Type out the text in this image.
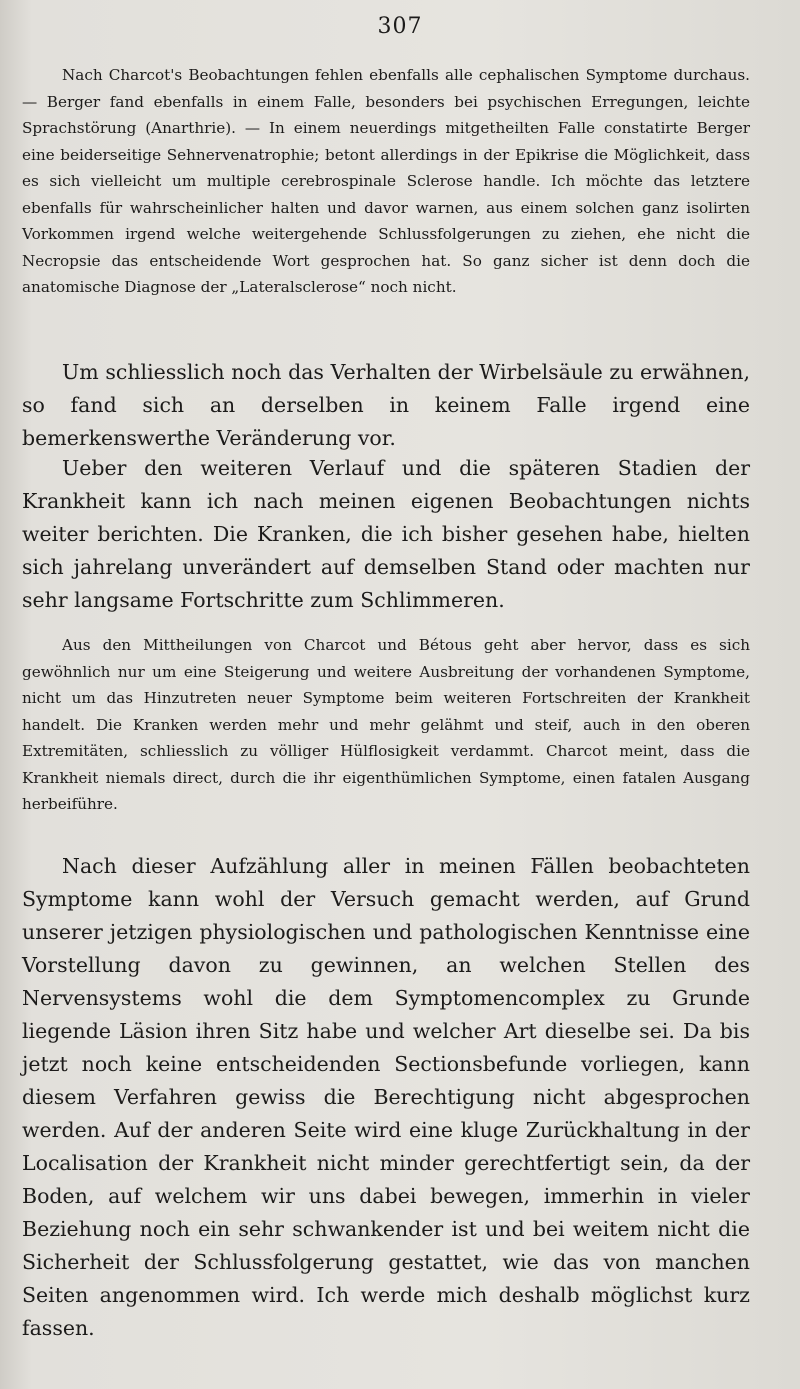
307

Nach Charcot's Beobachtungen fehlen ebenfalls alle cephalischen Symptome durchaus. — Berger fand ebenfalls in einem Falle, besonders bei psychischen Erregungen, leichte Sprachstörung (Anarthrie). — In einem neuerdings mitgetheilten Falle constatirte Berger eine beiderseitige Sehnervenatrophie; betont allerdings in der Epikrise die Möglichkeit, dass es sich vielleicht um multiple cerebrospinale Sclerose handle. Ich möchte das letztere ebenfalls für wahrscheinlicher halten und davor warnen, aus einem solchen ganz isolirten Vorkommen irgend welche weitergehende Schlussfolgerungen zu ziehen, ehe nicht die Necropsie das entscheidende Wort gesprochen hat. So ganz sicher ist denn doch die anatomische Diagnose der „Lateralsclerose“ noch nicht.

Um schliesslich noch das Verhalten der Wirbelsäule zu erwähnen, so fand sich an derselben in keinem Falle irgend eine bemerkenswerthe Veränderung vor.

Ueber den weiteren Verlauf und die späteren Stadien der Krankheit kann ich nach meinen eigenen Beobachtungen nichts weiter berichten. Die Kranken, die ich bisher gesehen habe, hielten sich jahrelang unverändert auf demselben Stand oder machten nur sehr langsame Fortschritte zum Schlimmeren.

Aus den Mittheilungen von Charcot und Bétous geht aber hervor, dass es sich gewöhnlich nur um eine Steigerung und weitere Ausbreitung der vorhandenen Symptome, nicht um das Hinzutreten neuer Symptome beim weiteren Fortschreiten der Krankheit handelt. Die Kranken werden mehr und mehr gelähmt und steif, auch in den oberen Extremitäten, schliesslich zu völliger Hülflosigkeit verdammt. Charcot meint, dass die Krankheit niemals direct, durch die ihr eigenthümlichen Symptome, einen fatalen Ausgang herbeiführe.

Nach dieser Aufzählung aller in meinen Fällen beobachteten Symptome kann wohl der Versuch gemacht werden, auf Grund unserer jetzigen physiologischen und pathologischen Kenntnisse eine Vorstellung davon zu gewinnen, an welchen Stellen des Nervensystems wohl die dem Symptomencomplex zu Grunde liegende Läsion ihren Sitz habe und welcher Art dieselbe sei. Da bis jetzt noch keine entscheidenden Sectionsbefunde vorliegen, kann diesem Verfahren gewiss die Berechtigung nicht abgesprochen werden. Auf der anderen Seite wird eine kluge Zurückhaltung in der Localisation der Krankheit nicht minder gerechtfertigt sein, da der Boden, auf welchem wir uns dabei bewegen, immerhin in vieler Beziehung noch ein sehr schwankender ist und bei weitem nicht die Sicherheit der Schlussfolgerung gestattet, wie das von manchen Seiten angenommen wird. Ich werde mich deshalb möglichst kurz fassen.
